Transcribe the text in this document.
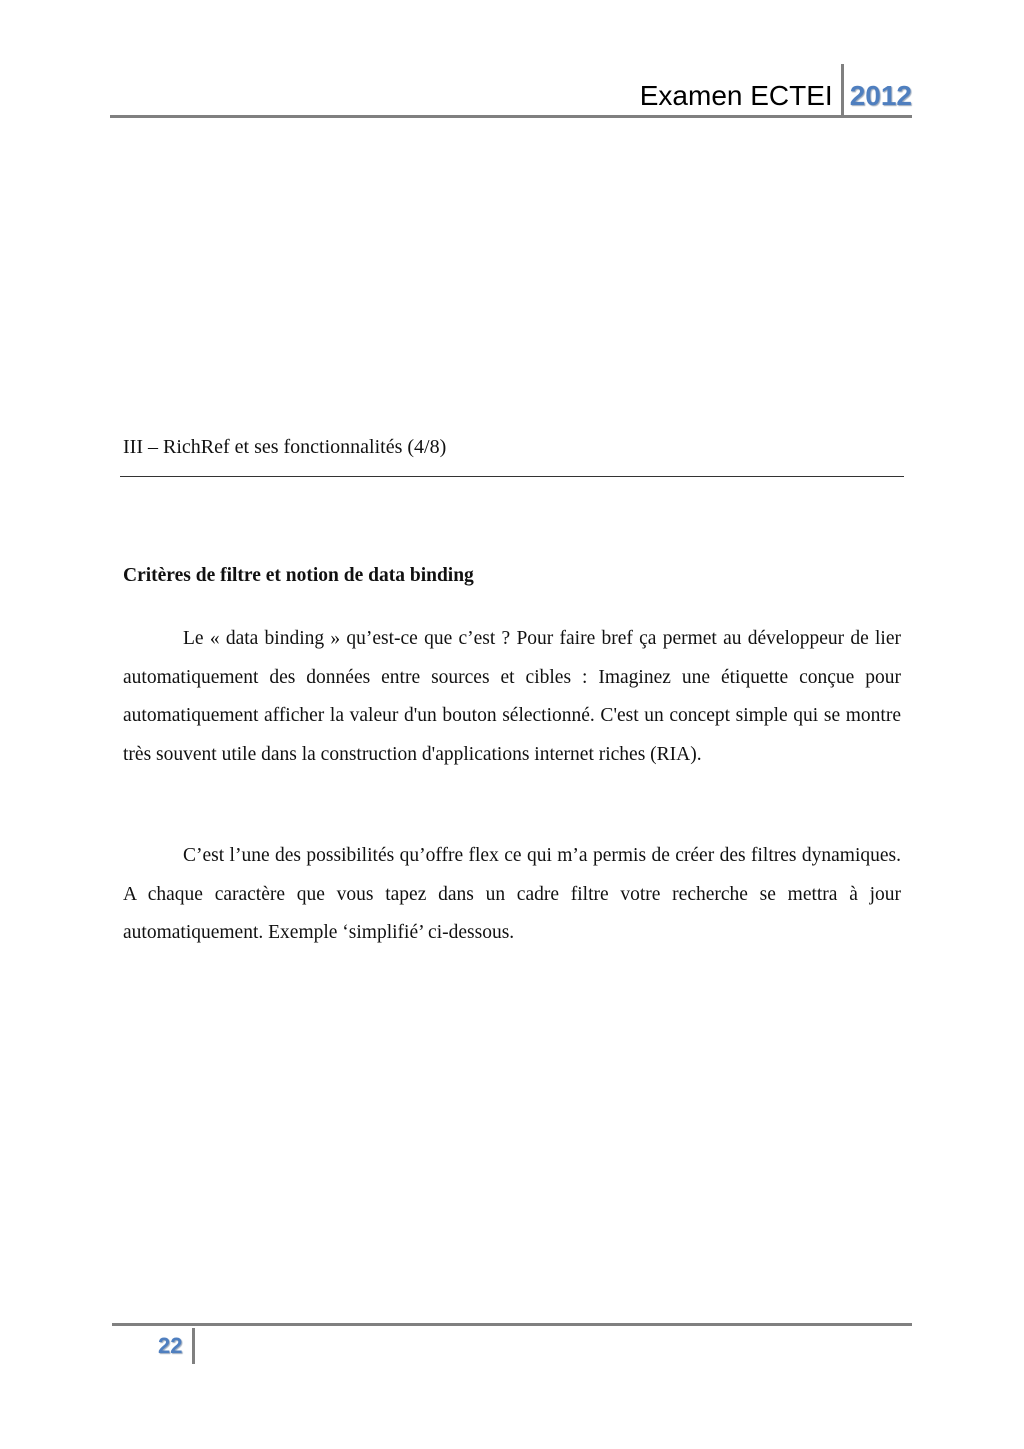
Examen ECTEI 2012
III – RichRef et ses fonctionnalités (4/8)
Critères de filtre et notion de data binding

Le « data binding » qu’est-ce que c’est ? Pour faire bref ça permet au développeur de lier automatiquement des données entre sources et cibles : Imaginez une étiquette conçue pour automatiquement afficher la valeur d'un bouton sélectionné. C'est un concept simple qui se montre très souvent utile dans la construction d'applications internet riches (RIA).

C’est l’une des possibilités qu’offre flex ce qui m’a permis de créer des filtres dynamiques. A chaque caractère que vous tapez dans un cadre filtre votre recherche se mettra à jour automatiquement. Exemple ‘simplifié’ ci-dessous.

22
